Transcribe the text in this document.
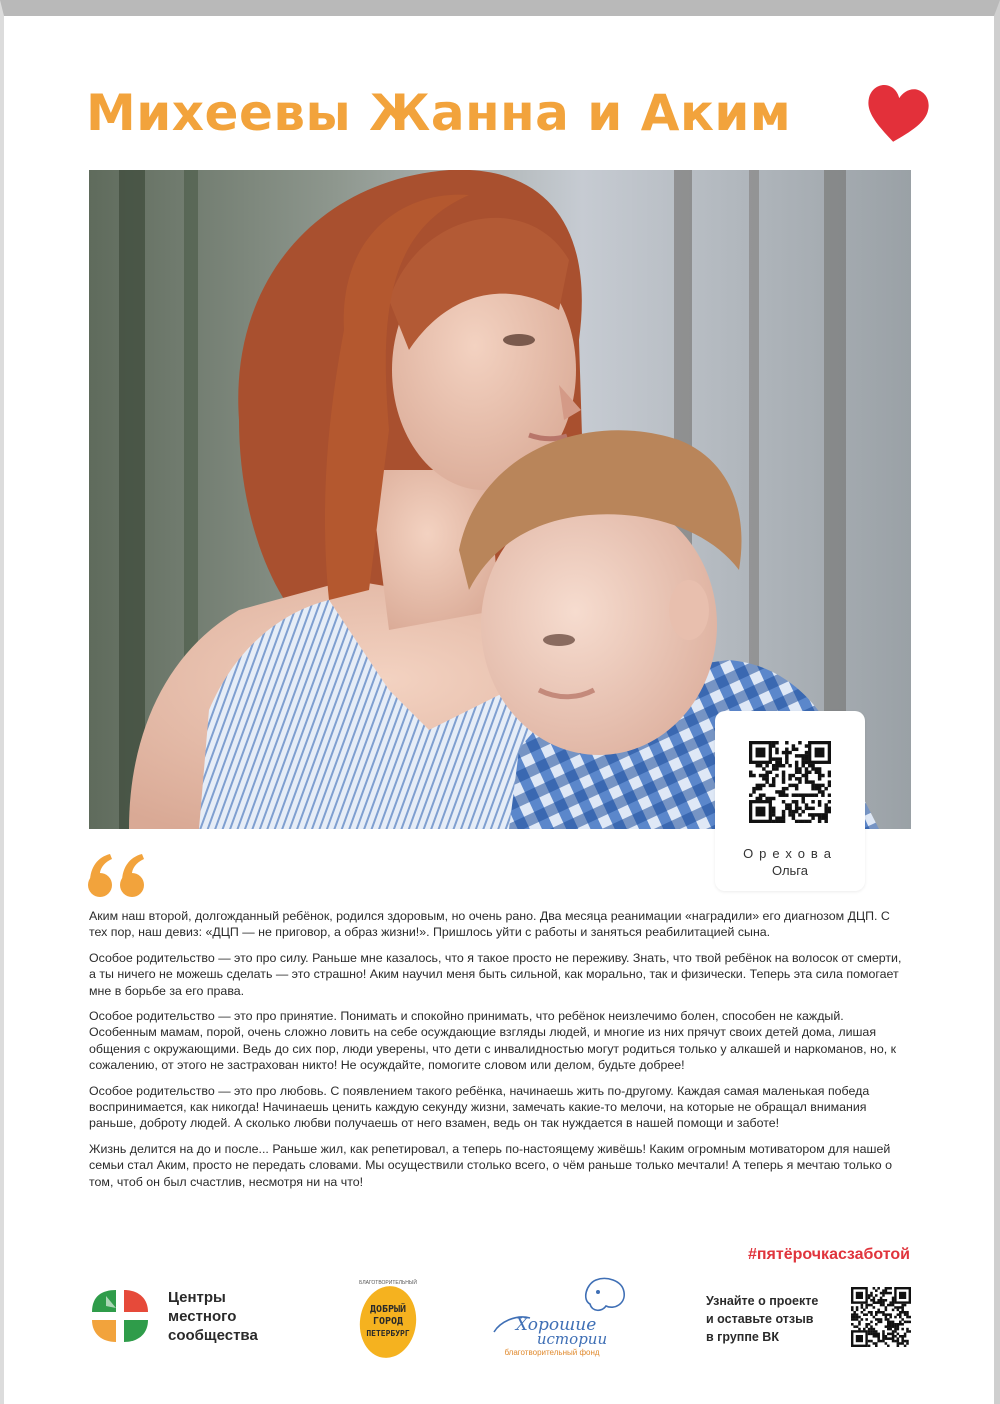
Михеевы Жанна и Аким
Орехова
Ольга

Аким наш второй, долгожданный ребёнок, родился здоровым, но очень рано. Два месяца реанимации «наградили» его диагнозом ДЦП. С тех пор, наш девиз: «ДЦП — не приговор, а образ жизни!». Пришлось уйти с работы и заняться реабилитацией сына.

Особое родительство — это про силу. Раньше мне казалось, что я такое просто не переживу. Знать, что твой ребёнок на волосок от смерти, а ты ничего не можешь сделать — это страшно! Аким научил меня быть сильной, как морально, так и физически. Теперь эта сила помогает мне в борьбе за его права.

Особое родительство — это про принятие. Понимать и спокойно принимать, что ребёнок неизлечимо болен, способен не каждый. Особенным мамам, порой, очень сложно ловить на себе осуждающие взгляды людей, и многие из них прячут своих детей дома, лишая общения с окружающими. Ведь до сих пор, люди уверены, что дети с инвалидностью могут родиться только у алкашей и наркоманов, но, к сожалению, от этого не застрахован никто! Не осуждайте, помогите словом или делом, будьте добрее!

Особое родительство — это про любовь. С появлением такого ребёнка, начинаешь жить по-другому. Каждая самая маленькая победа воспринимается, как никогда! Начинаешь ценить каждую секунду жизни, замечать какие-то мелочи, на которые не обращал внимания раньше, доброту людей. А сколько любви получаешь от него взамен, ведь он так нуждается в нашей помощи и заботе!

Жизнь делится на до и после... Раньше жил, как репетировал, а теперь по-настоящему живёшь! Каким огромным мотиватором для нашей семьи стал Аким, просто не передать словами. Мы осуществили столько всего, о чём раньше только мечтали! А теперь я мечтаю только о том, чтоб он был счастлив, несмотря ни на что!

#пятёрочкасзаботой
Центры
местного
сообщества
БЛАГОТВОРИТЕЛЬНЫЙ
ДОБРЫЙ
ГОРОД
ПЕТЕРБУРГ	Хорошие
истории
благотворительный фонд
Узнайте о проекте
и оставьте отзыв
в группе ВК
